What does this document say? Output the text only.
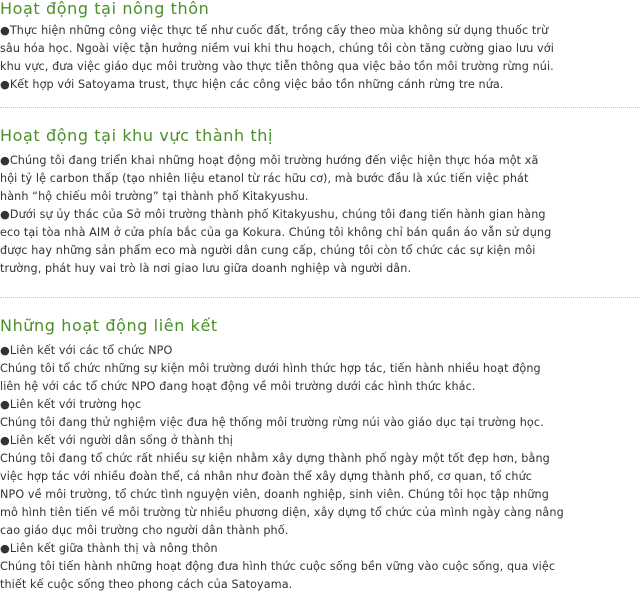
Hoạt động tại nông thôn
●Thực hiện những công việc thực tế như cuốc đất, trồng cấy theo mùa không sử dụng thuốc trừ
sâu hóa học. Ngoài việc tận hưởng niềm vui khi thu hoạch, chúng tôi còn tăng cường giao lưu với
khu vực, đưa việc giáo dục môi trường vào thực tiễn thông qua việc bảo tồn môi trường rừng núi.
●Kết hợp với Satoyama trust, thực hiện các công việc bảo tồn những cánh rừng tre nứa.
Hoạt động tại khu vực thành thị
●Chúng tôi đang triển khai những hoạt động môi trường hướng đến việc hiện thực hóa một xã
hội tỷ lệ carbon thấp (tạo nhiên liệu etanol từ rác hữu cơ), mà bước đầu là xúc tiến việc phát
hành “hộ chiếu môi trường” tại thành phố Kitakyushu.
●Dưới sự ủy thác của Sở môi trường thành phố Kitakyushu, chúng tôi đang tiến hành gian hàng
eco tại tòa nhà AIM ở cửa phía bắc của ga Kokura. Chúng tôi không chỉ bán quần áo vẫn sử dụng
được hay những sản phẩm eco mà người dân cung cấp, chúng tôi còn tổ chức các sự kiện môi
trường, phát huy vai trò là nơi giao lưu giữa doanh nghiệp và người dân.
Những hoạt động liên kết
●Liên kết với các tổ chức NPO
Chúng tôi tổ chức những sự kiện môi trường dưới hình thức hợp tác, tiến hành nhiều hoạt động
liên hệ với các tổ chức NPO đang hoạt động về môi trường dưới các hình thức khác.
●Liên kết với trường học
Chúng tôi đang thử nghiệm việc đưa hệ thống môi trường rừng núi vào giáo dục tại trường học.
●Liên kết với người dân sống ở thành thị
Chúng tôi đang tổ chức rất nhiều sự kiện nhằm xây dựng thành phố ngày một tốt đẹp hơn, bằng
việc hợp tác với nhiều đoàn thể, cá nhân như đoàn thể xây dựng thành phố, cơ quan, tổ chức
NPO về môi trường, tổ chức tình nguyện viên, doanh nghiệp, sinh viên. Chúng tôi học tập những
mô hình tiên tiến về môi trường từ nhiều phương diện, xây dựng tổ chức của mình ngày càng nâng
cao giáo dục môi trường cho người dân thành phố.
●Liên kết giữa thành thị và nông thôn
Chúng tôi tiến hành những hoạt động đưa hình thức cuộc sống bền vững vào cuộc sống, qua việc
thiết kế cuộc sống theo phong cách của Satoyama.
